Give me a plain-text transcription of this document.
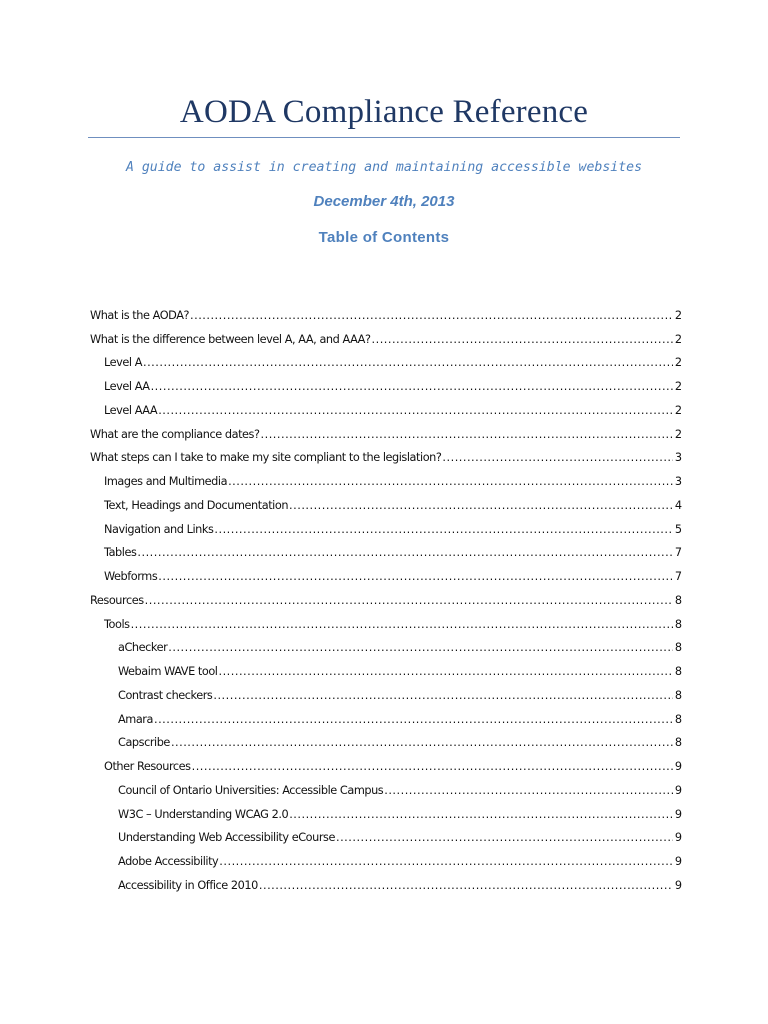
AODA Compliance Reference
A guide to assist in creating and maintaining accessible websites
December 4th, 2013
Table of Contents
What is the AODA? .....	2
What is the difference between level A, AA, and AAA? .....	2
Level A .....	2
Level AA .....	2
Level AAA .....	2
What are the compliance dates? .....	2
What steps can I take to make my site compliant to the legislation? .....	3
Images and Multimedia .....	3
Text, Headings and Documentation .....	4
Navigation and Links .....	5
Tables .....	7
Webforms .....	7
Resources .....	8
Tools .....	8
aChecker .....	8
Webaim WAVE tool .....	8
Contrast checkers .....	8
Amara .....	8
Capscribe .....	8
Other Resources .....	9
Council of Ontario Universities: Accessible Campus .....	9
W3C – Understanding WCAG 2.0 .....	9
Understanding Web Accessibility eCourse .....	9
Adobe Accessibility .....	9
Accessibility in Office 2010 .....	9
